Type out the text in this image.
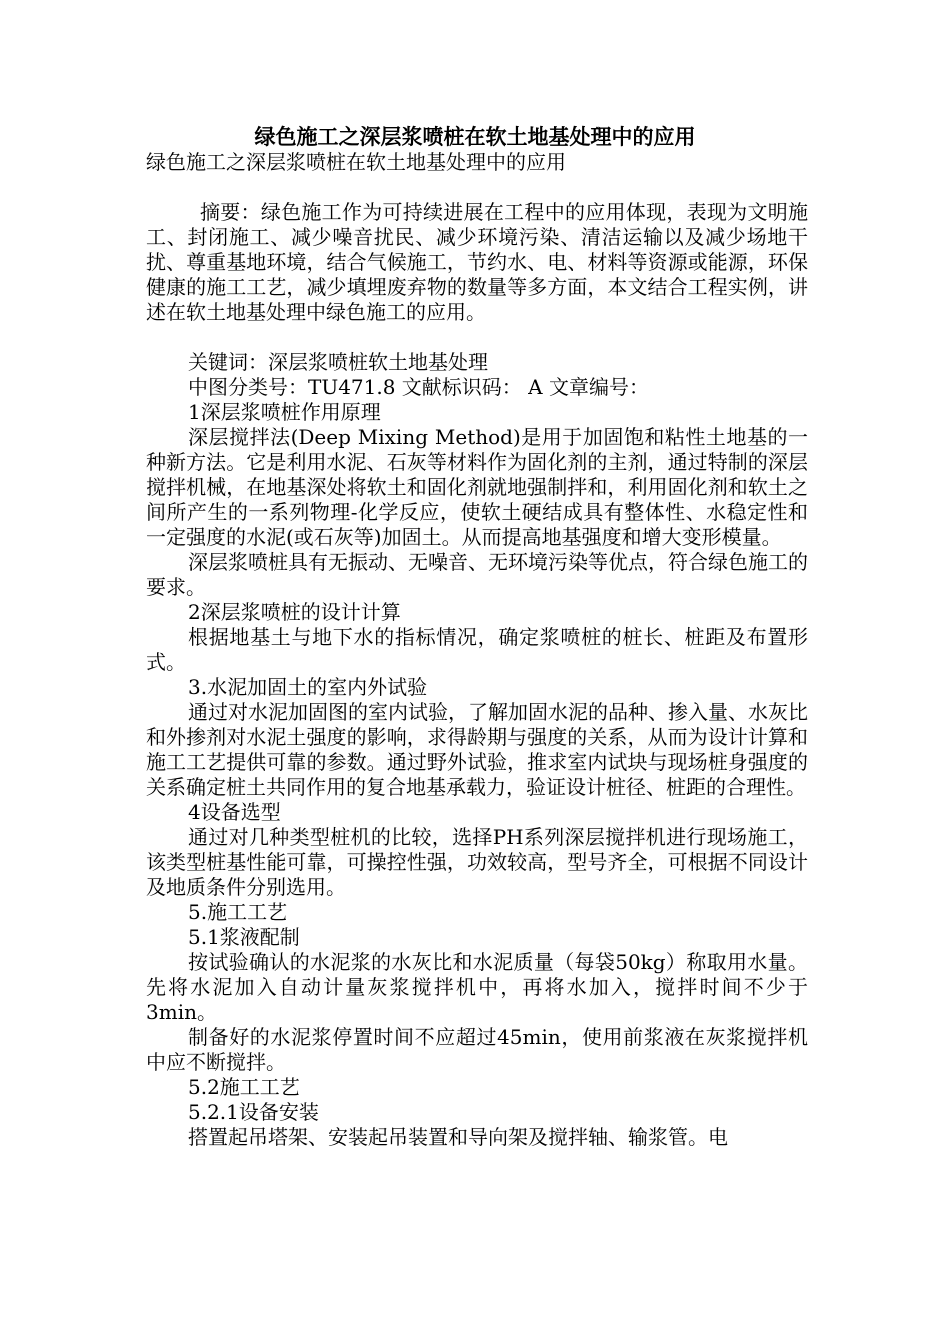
绿色施工之深层浆喷桩在软土地基处理中的应用

绿色施工之深层浆喷桩在软土地基处理中的应用

摘要：绿色施工作为可持续进展在工程中的应用体现，表现为文明施工、封闭施工、减少噪音扰民、减少环境污染、清洁运输以及减少场地干扰、尊重基地环境，结合气候施工，节约水、电、材料等资源或能源，环保健康的施工工艺，减少填埋废弃物的数量等多方面，本文结合工程实例，讲述在软土地基处理中绿色施工的应用。

关键词：深层浆喷桩软土地基处理

中图分类号：TU471.8 文献标识码： A 文章编号：

1深层浆喷桩作用原理

深层搅拌法(Deep Mixing Method)是用于加固饱和粘性土地基的一种新方法。它是利用水泥、石灰等材料作为固化剂的主剂，通过特制的深层搅拌机械，在地基深处将软土和固化剂就地强制拌和，利用固化剂和软土之间所产生的一系列物理-化学反应，使软土硬结成具有整体性、水稳定性和一定强度的水泥(或石灰等)加固土。从而提高地基强度和增大变形模量。

深层浆喷桩具有无振动、无噪音、无环境污染等优点，符合绿色施工的要求。

2深层浆喷桩的设计计算

根据地基土与地下水的指标情况，确定浆喷桩的桩长、桩距及布置形式。

3.水泥加固土的室内外试验

通过对水泥加固图的室内试验，了解加固水泥的品种、掺入量、水灰比和外掺剂对水泥土强度的影响，求得龄期与强度的关系，从而为设计计算和施工工艺提供可靠的参数。通过野外试验，推求室内试块与现场桩身强度的关系确定桩土共同作用的复合地基承载力，验证设计桩径、桩距的合理性。

4设备选型

通过对几种类型桩机的比较，选择PH系列深层搅拌机进行现场施工，该类型桩基性能可靠，可操控性强，功效较高，型号齐全，可根据不同设计及地质条件分别选用。

5.施工工艺

5.1浆液配制

按试验确认的水泥浆的水灰比和水泥质量（每袋50kg）称取用水量。先将水泥加入自动计量灰浆搅拌机中，再将水加入，搅拌时间不少于3min。

制备好的水泥浆停置时间不应超过45min，使用前浆液在灰浆搅拌机中应不断搅拌。

5.2施工工艺

5.2.1设备安装

搭置起吊塔架、安装起吊装置和导向架及搅拌轴、输浆管。电
